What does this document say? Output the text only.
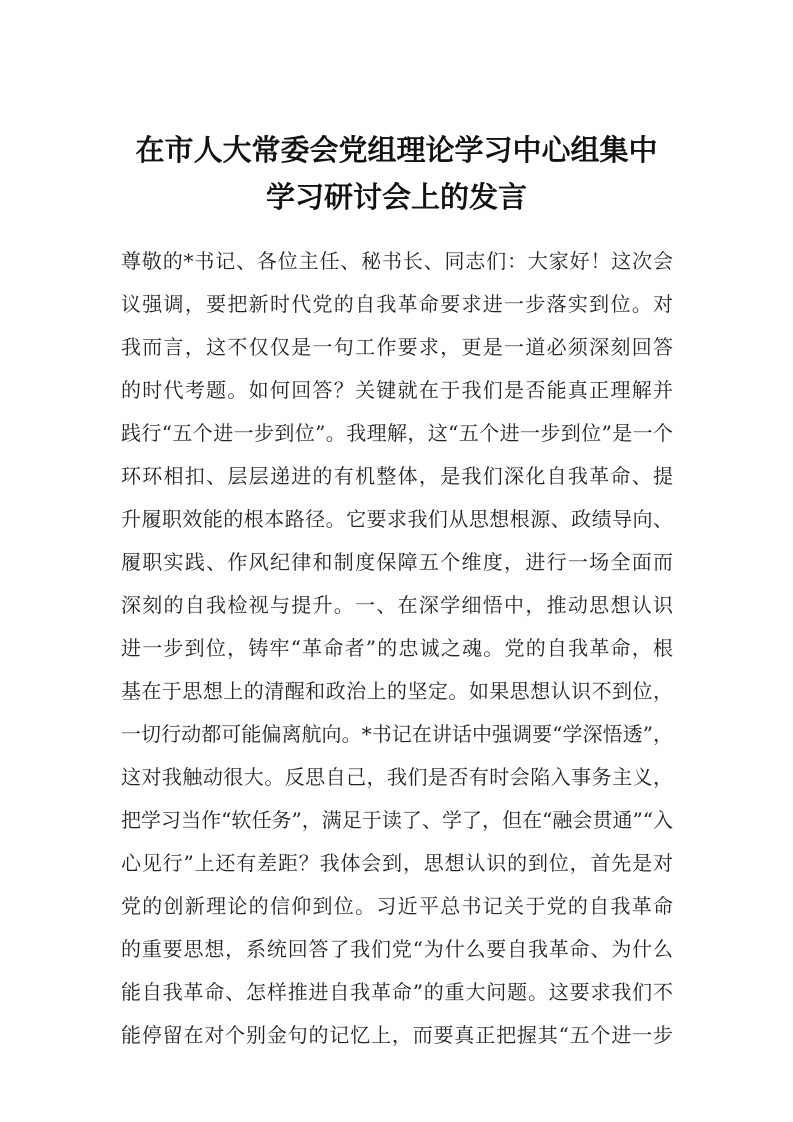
在市人大常委会党组理论学习中心组集中
学习研讨会上的发言
尊敬的*书记、各位主任、秘书长、同志们：大家好！这次会
议强调，要把新时代党的自我革命要求进一步落实到位。对
我而言，这不仅仅是一句工作要求，更是一道必须深刻回答
的时代考题。如何回答？关键就在于我们是否能真正理解并
践行“五个进一步到位”。我理解，这“五个进一步到位”是一个
环环相扣、层层递进的有机整体，是我们深化自我革命、提
升履职效能的根本路径。它要求我们从思想根源、政绩导向、
履职实践、作风纪律和制度保障五个维度，进行一场全面而
深刻的自我检视与提升。一、在深学细悟中，推动思想认识
进一步到位，铸牢“革命者”的忠诚之魂。党的自我革命，根
基在于思想上的清醒和政治上的坚定。如果思想认识不到位，
一切行动都可能偏离航向。*书记在讲话中强调要“学深悟透”，
这对我触动很大。反思自己，我们是否有时会陷入事务主义，
把学习当作“软任务”，满足于读了、学了，但在“融会贯通”“入
心见行”上还有差距？我体会到，思想认识的到位，首先是对
党的创新理论的信仰到位。习近平总书记关于党的自我革命
的重要思想，系统回答了我们党“为什么要自我革命、为什么
能自我革命、怎样推进自我革命”的重大问题。这要求我们不
能停留在对个别金句的记忆上，而要真正把握其“五个进一步
